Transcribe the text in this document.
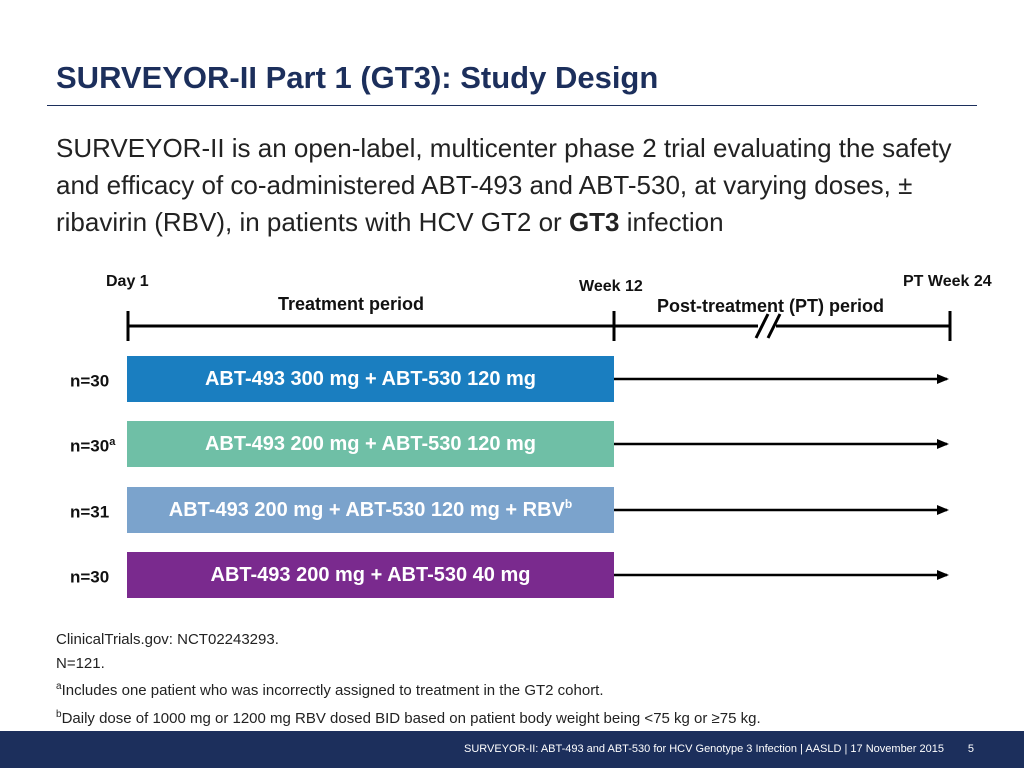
SURVEYOR-II Part 1 (GT3): Study Design
SURVEYOR-II is an open-label, multicenter phase 2 trial evaluating the safety and efficacy of co-administered ABT-493 and ABT-530, at varying doses, ± ribavirin (RBV), in patients with HCV GT2 or GT3 infection
Day 1	Week 12	PT Week 24
Treatment period	Post-treatment (PT) period
n=30	ABT-493 300 mg + ABT-530 120 mg
$n=30^a$	ABT-493 200 mg + ABT-530 120 mg
n=31	ABT-493 200 mg + ABT-530 120 mg + $RBV^b$
n=30	ABT-493 200 mg + ABT-530 40 mg
ClinicalTrials.gov: NCT02243293.
N=121.
$^a$Includes one patient who was incorrectly assigned to treatment in the GT2 cohort.
$^b$Daily dose of 1000 mg or 1200 mg RBV dosed BID based on patient body weight being <75 kg or ≥75 kg.
SURVEYOR-II: ABT-493 and ABT-530 for HCV Genotype 3 Infection | AASLD | 17 November 2015 5
